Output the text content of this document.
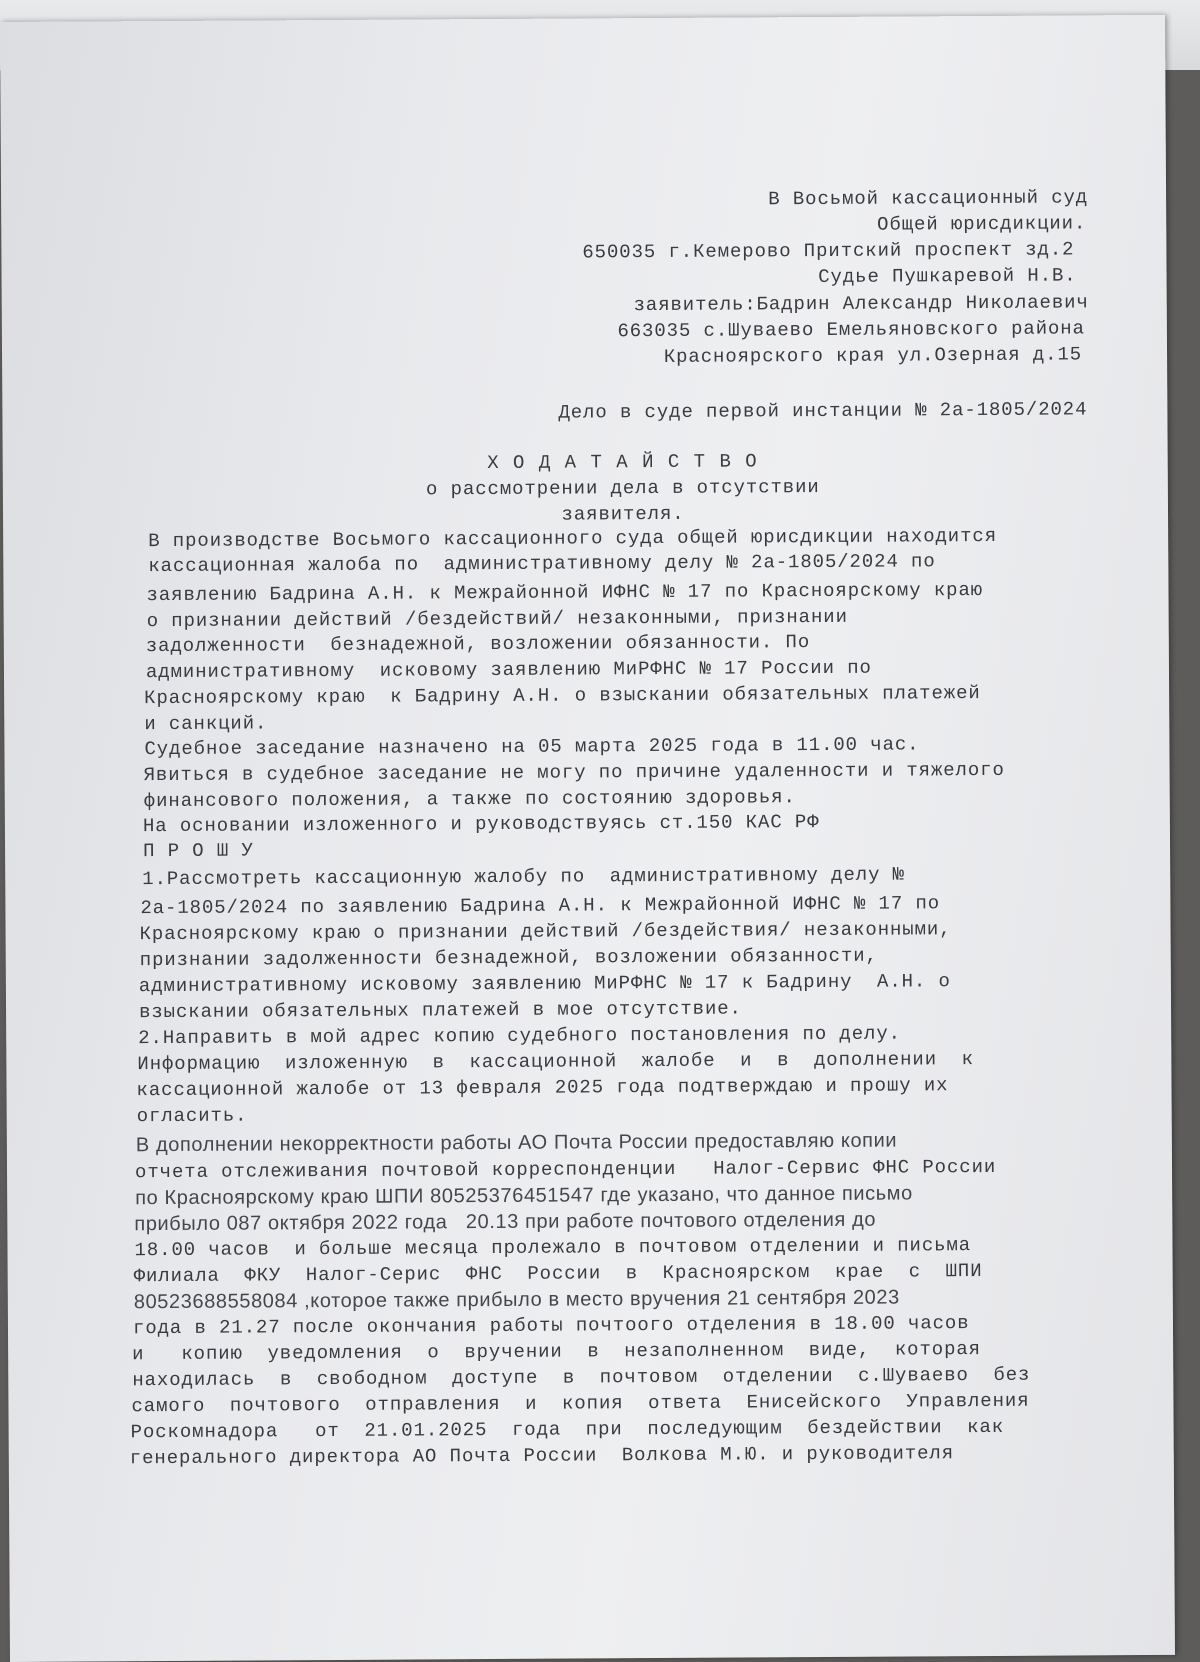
В Восьмой кассационный суд
Общей юрисдикции.
650035 г.Кемерово Притский проспект зд.2
Судье Пушкаревой Н.В.
заявитель:Бадрин Александр Николаевич
663035 с.Шуваево Емельяновского района
Красноярского края ул.Озерная д.15
Дело в суде первой инстанции № 2а-1805/2024
Х О Д А Т А Й С Т В О
о рассмотрении дела в отсутствии
заявителя.
В производстве Восьмого кассационного суда общей юрисдикции находится
кассационная жалоба по  административному делу № 2а-1805/2024 по
заявлению Бадрина А.Н. к Межрайонной ИФНС № 17 по Красноярскому краю
о признании действий /бездействий/ незаконными, признании
задолженности  безнадежной, возложении обязанности. По
административному  исковому заявлению МиРФНС № 17 России по
Красноярскому краю  к Бадрину А.Н. о взыскании обязательных платежей
и санкций.
Судебное заседание назначено на 05 марта 2025 года в 11.00 час.
Явиться в судебное заседание не могу по причине удаленности и тяжелого
финансового положения, а также по состоянию здоровья.
На основании изложенного и руководствуясь ст.150 КАС РФ
П Р О Ш У
1.Рассмотреть кассационную жалобу по  административному делу №
2а-1805/2024 по заявлению Бадрина А.Н. к Межрайонной ИФНС № 17 по
Красноярскому краю о признании действий /бездействия/ незаконными,
признании задолженности безнадежной, возложении обязанности,
административному исковому заявлению МиРФНС № 17 к Бадрину  А.Н. о
взыскании обязательных платежей в мое отсутствие.
2.Направить в мой адрес копию судебного постановления по делу.
Информацию  изложенную  в  кассационной  жалобе  и  в  дополнении  к
кассационной жалобе от 13 февраля 2025 года подтверждаю и прошу их
огласить.
В дополнении некорректности работы АО Почта России предоставляю копии
отчета отслеживания почтовой корреспонденции   Налог-Сервис ФНС России
по Красноярскому краю ШПИ 80525376451547 где указано, что данное письмо
прибыло 087 октября 2022 года   20.13 при работе почтового отделения до
18.00 часов  и больше месяца пролежало в почтовом отделении и письма
Филиала  ФКУ  Налог-Серис  ФНС  России  в  Красноярском  крае  с  ШПИ
80523688558084 ,которое также прибыло в место вручения 21 сентября 2023
года в 21.27 после окончания работы почтоого отделения в 18.00 часов
и   копию  уведомления  о  вручении  в  незаполненном  виде,  которая
находилась  в  свободном  доступе  в  почтовом  отделении  с.Шуваево  без
самого  почтового  отправления  и  копия  ответа  Енисейского  Управления
Роскомнадора   от  21.01.2025  года  при  последующим  бездействии  как
генерального директора АО Почта России  Волкова М.Ю. и руководителя
